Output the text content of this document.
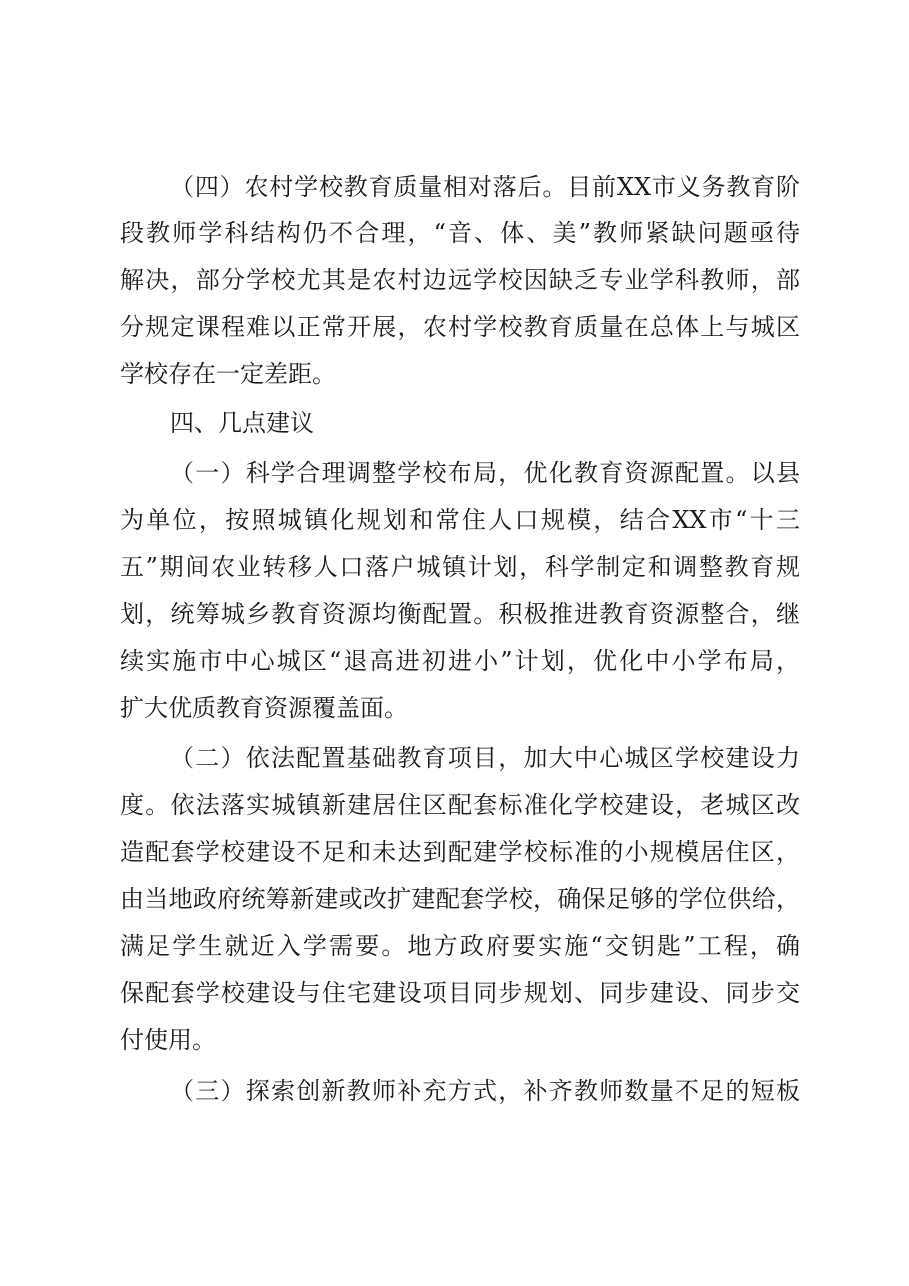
（四）农村学校教育质量相对落后。目前XX市义务教育阶
段教师学科结构仍不合理，“音、体、美”教师紧缺问题亟待
解决，部分学校尤其是农村边远学校因缺乏专业学科教师，部
分规定课程难以正常开展，农村学校教育质量在总体上与城区
学校存在一定差距。
四、几点建议
（一）科学合理调整学校布局，优化教育资源配置。以县
为单位，按照城镇化规划和常住人口规模，结合XX市“十三
五”期间农业转移人口落户城镇计划，科学制定和调整教育规
划，统筹城乡教育资源均衡配置。积极推进教育资源整合，继
续实施市中心城区“退高进初进小”计划，优化中小学布局，
扩大优质教育资源覆盖面。
（二）依法配置基础教育项目，加大中心城区学校建设力
度。依法落实城镇新建居住区配套标准化学校建设，老城区改
造配套学校建设不足和未达到配建学校标准的小规模居住区，
由当地政府统筹新建或改扩建配套学校，确保足够的学位供给，
满足学生就近入学需要。地方政府要实施“交钥匙”工程，确
保配套学校建设与住宅建设项目同步规划、同步建设、同步交
付使用。
（三）探索创新教师补充方式，补齐教师数量不足的短板
